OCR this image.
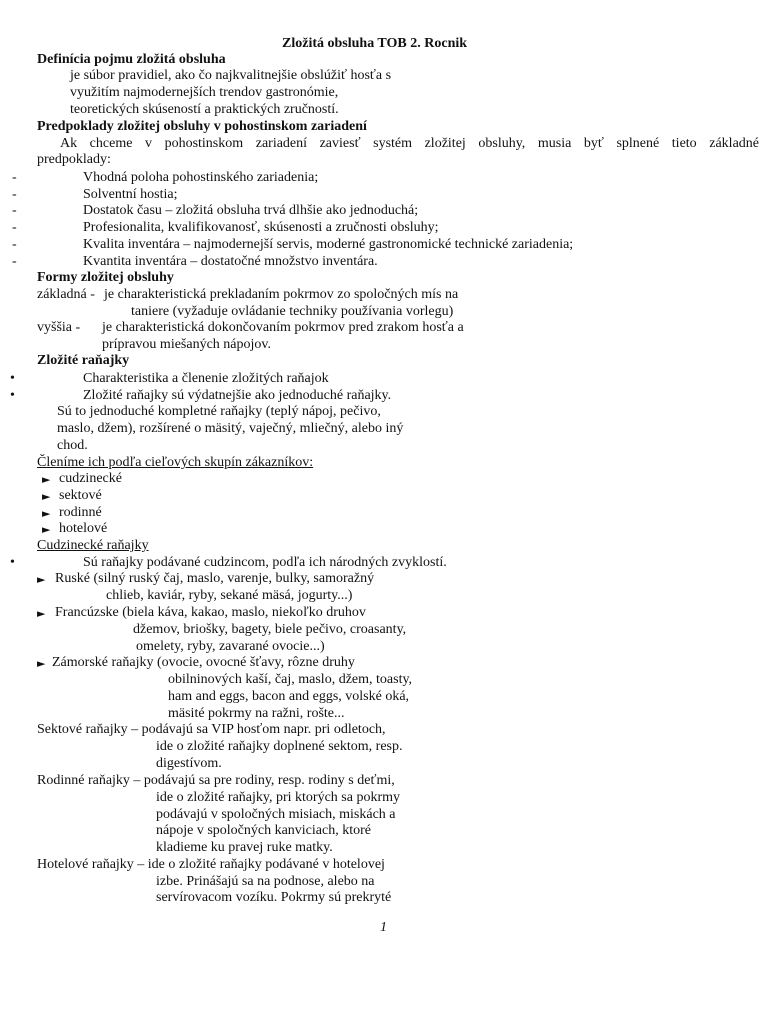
Zložitá obsluha TOB 2. Rocnik
Definícia pojmu zložitá obsluha
je súbor pravidiel, ako čo najkvalitnejšie obslúžiť hosťa s
využitím najmodernejších trendov gastronómie,
teoretických skúseností a praktických zručností.
Predpoklady zložitej obsluhy v pohostinskom zariadení
Ak chceme v pohostinskom zariadení zaviesť systém zložitej obsluhy, musia byť splnené tieto základné
predpoklady:
-	Vhodná poloha pohostinského zariadenia;
-	Solventní hostia;
-	Dostatok času – zložitá obsluha trvá dlhšie ako jednoduchá;
-	Profesionalita, kvalifikovanosť, skúsenosti a zručnosti obsluhy;
-	Kvalita inventára – najmodernejší servis, moderné gastronomické technické zariadenia;
-	Kvantita inventára – dostatočné množstvo inventára.
Formy zložitej obsluhy
základná - je charakteristická prekladaním pokrmov zo spoločných mís na
taniere (vyžaduje ovládanie techniky používania vorlegu)
vyššia - je charakteristická dokončovaním pokrmov pred zrakom hosťa a
prípravou miešaných nápojov.
Zložité raňajky
•	Charakteristika a členenie zložitých raňajok
•	Zložité raňajky sú výdatnejšie ako jednoduché raňajky.
Sú to jednoduché kompletné raňajky (teplý nápoj, pečivo,
maslo, džem), rozšírené o mäsitý, vaječný, mliečný, alebo iný
chod.
Členíme ich podľa cieľových skupín zákazníkov:
► cudzinecké
► sektové
► rodinné
► hotelové
Cudzinecké raňajky
•	Sú raňajky podávané cudzincom, podľa ich národných zvyklostí.
► Ruské (silný ruský čaj, maslo, varenje, bulky, samoražný
chlieb, kaviár, ryby, sekané mäsá, jogurty...)
► Francúzske (biela káva, kakao, maslo, niekoľko druhov
džemov, briošky, bagety, biele pečivo, croasanty,
omelety, ryby, zavarané ovocie...)
► Zámorské raňajky (ovocie, ovocné šťavy, rôzne druhy
obilninových kaší, čaj, maslo, džem, toasty,
ham and eggs, bacon and eggs, volské oká,
mäsité pokrmy na ražni, rošte...
Sektové raňajky – podávajú sa VIP hosťom napr. pri odletoch,
ide o zložité raňajky doplnené sektom, resp.
digestívom.
Rodinné raňajky – podávajú sa pre rodiny, resp. rodiny s deťmi,
ide o zložité raňajky, pri ktorých sa pokrmy
podávajú v spoločných misiach, miskách a
nápoje v spoločných kanviciach, ktoré
kladieme ku pravej ruke matky.
Hotelové raňajky – ide o zložité raňajky podávané v hotelovej
izbe. Prinášajú sa na podnose, alebo na
servírovacom vozíku. Pokrmy sú prekryté
1
